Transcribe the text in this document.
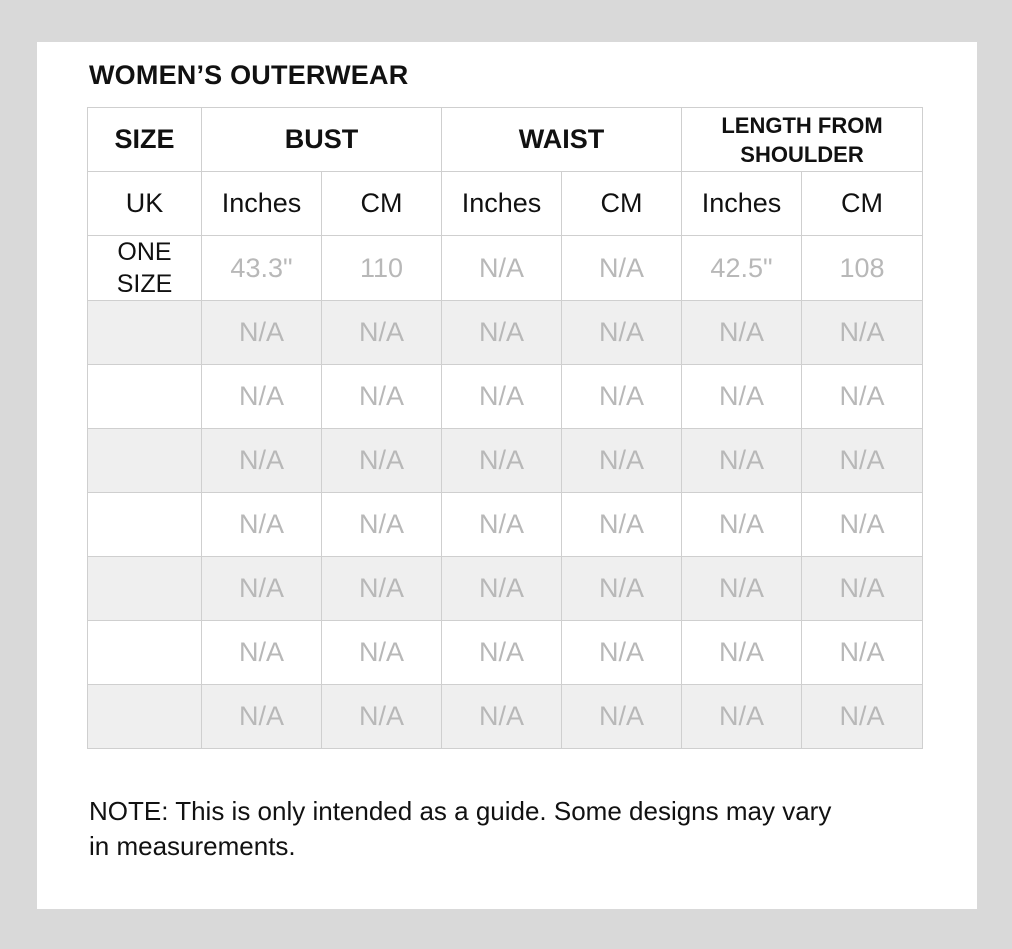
WOMEN’S OUTERWEAR
SIZE	BUST		WAIST		LENGTH FROM
SHOULDER	
UK	Inches	CM	Inches	CM	Inches	CM
ONE
SIZE	43.3"	110	N/A	N/A	42.5"	108

	N/A	N/A	N/A	N/A	N/A	N/A

	N/A	N/A	N/A	N/A	N/A	N/A

	N/A	N/A	N/A	N/A	N/A	N/A

	N/A	N/A	N/A	N/A	N/A	N/A

	N/A	N/A	N/A	N/A	N/A	N/A

	N/A	N/A	N/A	N/A	N/A	N/A

	N/A	N/A	N/A	N/A	N/A	N/A

NOTE: This is only intended as a guide. Some designs may vary
in measurements.
